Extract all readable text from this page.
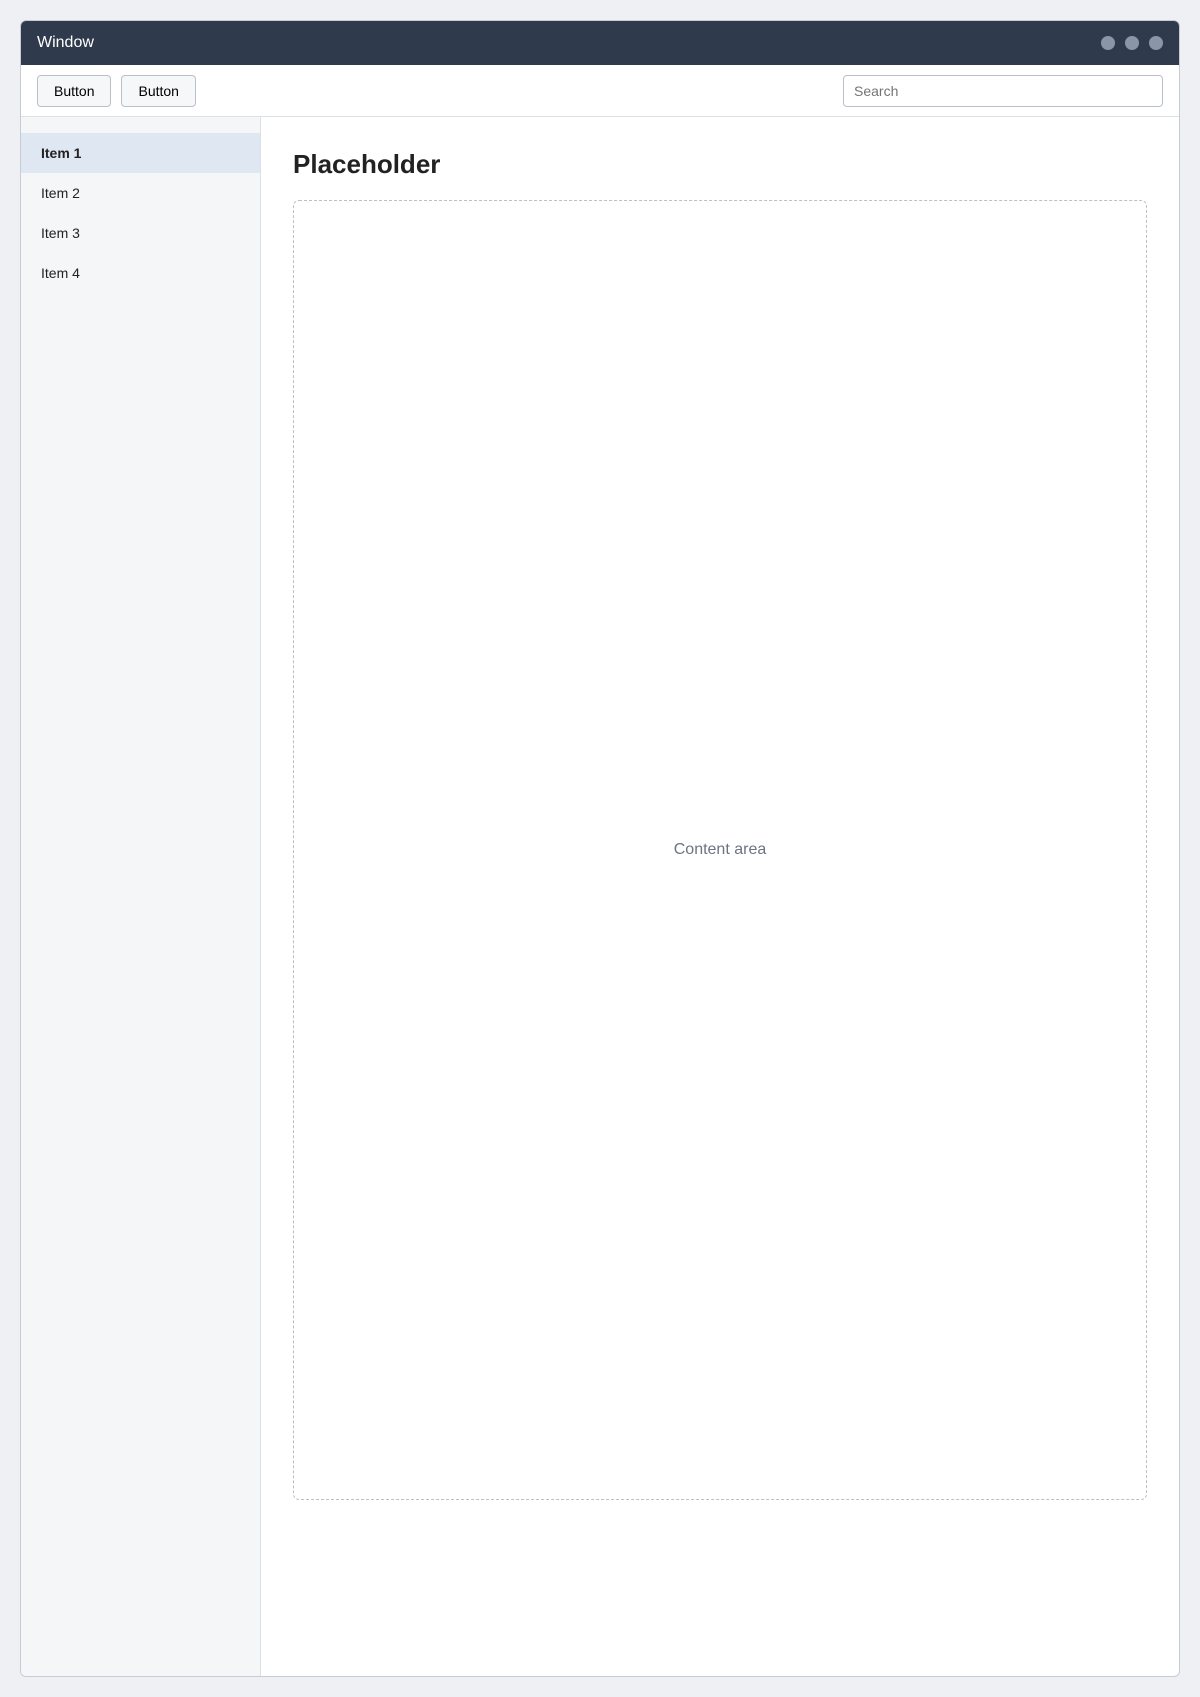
Window
Button	Button
Search
Item 1
Item 2
Item 3
Item 4
Placeholder
Content area
